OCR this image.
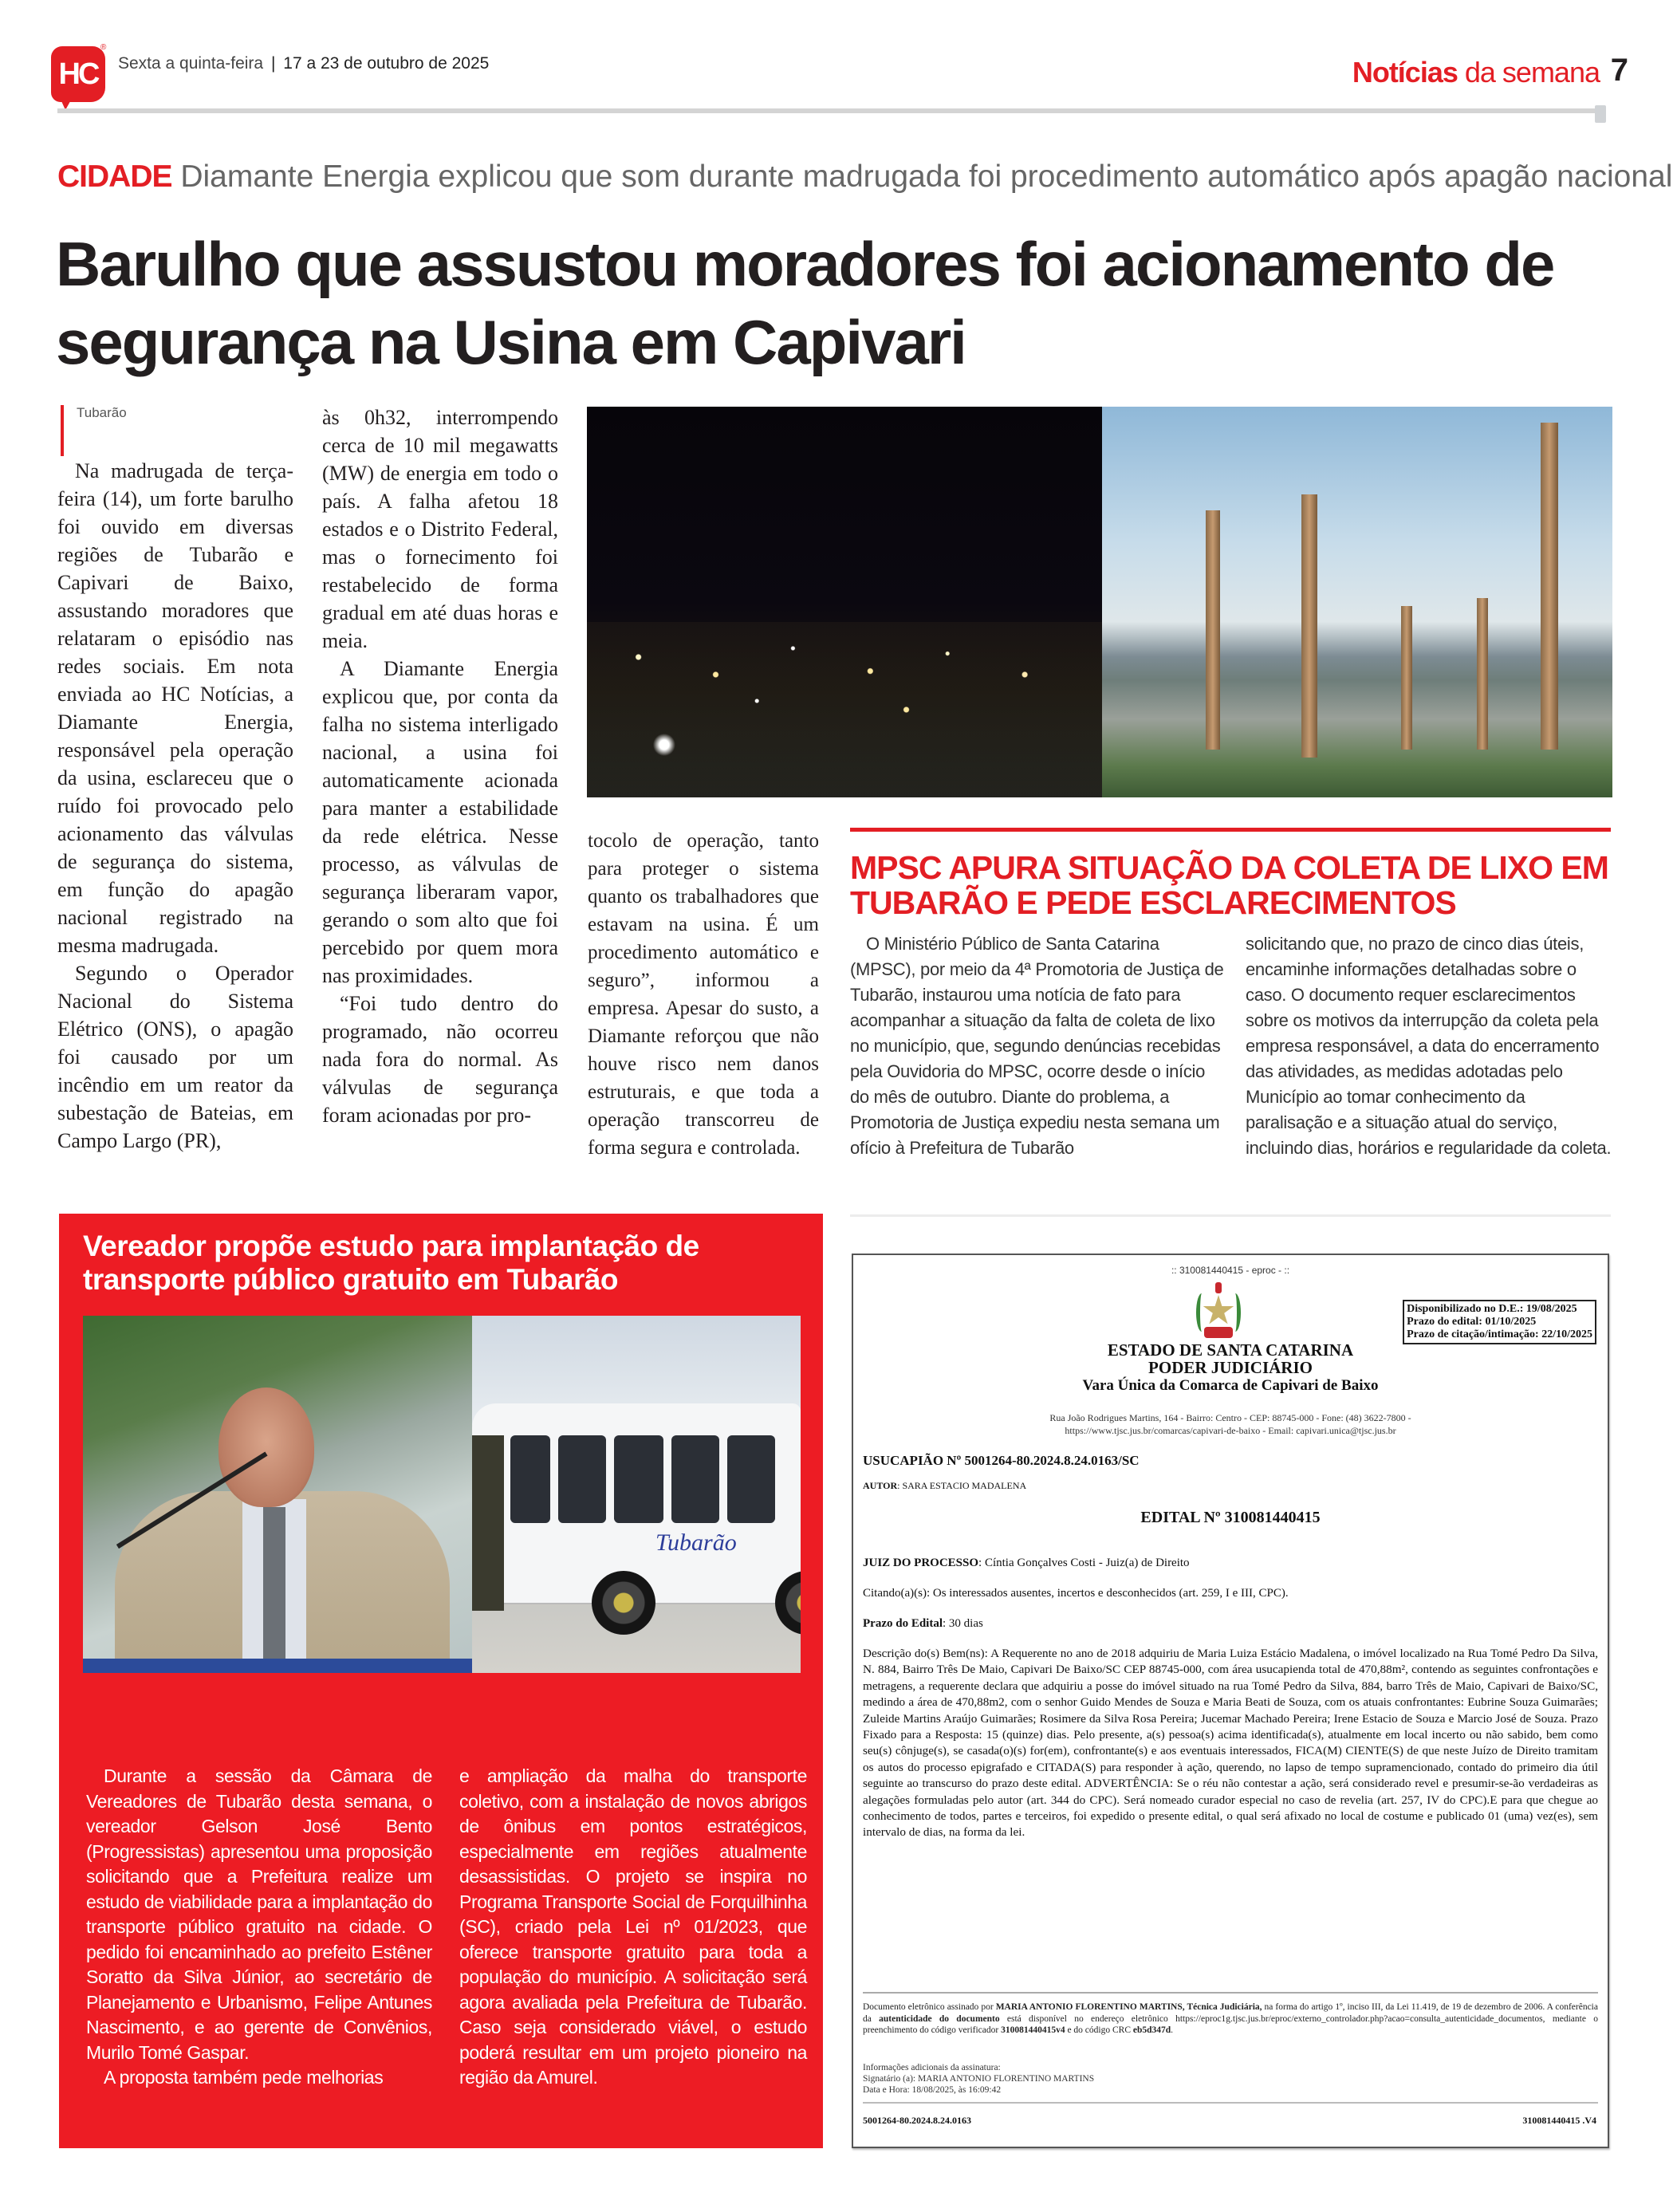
HC
®
Sexta a quinta-feira | 17 a 23 de outubro de 2025	Notícias da semana 7
CIDADE Diamante Energia explicou que som durante madrugada foi procedimento automático após apagão nacional
Barulho que assustou moradores foi acionamento de segurança na Usina em Capivari
Tubarão

Na madrugada de terça-feira (14), um forte barulho foi ouvido em diversas regiões de Tubarão e Capivari de Baixo, assustando moradores que relataram o episódio nas redes sociais. Em nota enviada ao HC Notícias, a Diamante Energia, responsável pela operação da usina, esclareceu que o ruído foi provocado pelo acionamento das válvulas de segurança do sistema, em função do apagão nacional registrado na mesma madrugada.

Segundo o Operador Nacional do Sistema Elétrico (ONS), o apagão foi causado por um incêndio em um reator da subestação de Bateias, em Campo Largo (PR),

às 0h32, interrompendo cerca de 10 mil megawatts (MW) de energia em todo o país. A falha afetou 18 estados e o Distrito Federal, mas o fornecimento foi restabelecido de forma gradual em até duas horas e meia.

A Diamante Energia explicou que, por conta da falha no sistema interligado nacional, a usina foi automaticamente acionada para manter a estabilidade da rede elétrica. Nesse processo, as válvulas de segurança liberaram vapor, gerando o som alto que foi percebido por quem mora nas proximidades.

“Foi tudo dentro do programado, não ocorreu nada fora do normal. As válvulas de segurança foram acionadas por pro-

tocolo de operação, tanto para proteger o sistema quanto os trabalhadores que estavam na usina. É um procedimento automático e seguro”, informou a empresa. Apesar do susto, a Diamante reforçou que não houve risco nem danos estruturais, e que toda a operação transcorreu de forma segura e controlada.

MPSC APURA SITUAÇÃO DA COLETA DE LIXO EM TUBARÃO E PEDE ESCLARECIMENTOS

O Ministério Público de Santa Catarina (MPSC), por meio da 4ª Promotoria de Justiça de Tubarão, instaurou uma notícia de fato para acompanhar a situação da falta de coleta de lixo no município, que, segundo denúncias recebidas pela Ouvidoria do MPSC, ocorre desde o início do mês de outubro. Diante do problema, a Promotoria de Justiça expediu nesta semana um ofício à Prefeitura de Tubarão

solicitando que, no prazo de cinco dias úteis, encaminhe informações detalhadas sobre o caso. O documento requer esclarecimentos sobre os motivos da interrupção da coleta pela empresa responsável, a data do encerramento das atividades, as medidas adotadas pelo Município ao tomar conhecimento da paralisação e a situação atual do serviço, incluindo dias, horários e regularidade da coleta.

Vereador propõe estudo para implantação de transporte público gratuito em Tubarão
Tubarão

Durante a sessão da Câmara de Vereadores de Tubarão desta semana, o vereador Gelson José Bento (Progressistas) apresentou uma proposição solicitando que a Prefeitura realize um estudo de viabilidade para a implantação do transporte público gratuito na cidade. O pedido foi encaminhado ao prefeito Estêner Soratto da Silva Júnior, ao secretário de Planejamento e Urbanismo, Felipe Antunes Nascimento, e ao gerente de Convênios, Murilo Tomé Gaspar.

A proposta também pede melhorias

e ampliação da malha do transporte coletivo, com a instalação de novos abrigos de ônibus em pontos estratégicos, especialmente em regiões atualmente desassistidas. O projeto se inspira no Programa Transporte Social de Forquilhinha (SC), criado pela Lei nº 01/2023, que oferece transporte gratuito para toda a população do município. A solicitação será agora avaliada pela Prefeitura de Tubarão. Caso seja considerado viável, o estudo poderá resultar em um projeto pioneiro na região da Amurel.

:: 310081440415 - eproc - ::
Disponibilizado no D.E.: 19/08/2025
Prazo do edital: 01/10/2025
Prazo de citação/intimação: 22/10/2025
ESTADO DE SANTA CATARINA
PODER JUDICIÁRIO
Vara Única da Comarca de Capivari de Baixo
Rua João Rodrigues Martins, 164 - Bairro: Centro - CEP: 88745-000 - Fone: (48) 3622-7800 -
https://www.tjsc.jus.br/comarcas/capivari-de-baixo - Email: capivari.unica@tjsc.jus.br
USUCAPIÃO Nº 5001264-80.2024.8.24.0163/SC
AUTOR: SARA ESTACIO MADALENA
EDITAL Nº 310081440415
JUIZ DO PROCESSO: Cíntia Gonçalves Costi - Juiz(a) de Direito
Citando(a)(s): Os interessados ausentes, incertos e desconhecidos (art. 259, I e III, CPC).
Prazo do Edital: 30 dias
Descrição do(s) Bem(ns): A Requerente no ano de 2018 adquiriu de Maria Luiza Estácio Madalena, o imóvel localizado na Rua Tomé Pedro Da Silva, N. 884, Bairro Três De Maio, Capivari De Baixo/SC CEP 88745-000, com área usucapienda total de 470,88m², contendo as seguintes confrontações e metragens, a requerente declara que adquiriu a posse do imóvel situado na rua Tomé Pedro da Silva, 884, barro Três de Maio, Capivari de Baixo/SC, medindo a área de 470,88m2, com o senhor Guido Mendes de Souza e Maria Beati de Souza, com os atuais confrontantes: Eubrine Souza Guimarães; Zuleide Martins Araújo Guimarães; Rosimere da Silva Rosa Pereira; Jucemar Machado Pereira; Irene Estacio de Souza e Marcio José de Souza. Prazo Fixado para a Resposta: 15 (quinze) dias. Pelo presente, a(s) pessoa(s) acima identificada(s), atualmente em local incerto ou não sabido, bem como seu(s) cônjuge(s), se casada(o)(s) for(em), confrontante(s) e aos eventuais interessados, FICA(M) CIENTE(S) de que neste Juízo de Direito tramitam os autos do processo epigrafado e CITADA(S) para responder à ação, querendo, no lapso de tempo supramencionado, contado do primeiro dia útil seguinte ao transcurso do prazo deste edital. ADVERTÊNCIA: Se o réu não contestar a ação, será considerado revel e presumir-se-ão verdadeiras as alegações formuladas pelo autor (art. 344 do CPC). Será nomeado curador especial no caso de revelia (art. 257, IV do CPC).E para que chegue ao conhecimento de todos, partes e terceiros, foi expedido o presente edital, o qual será afixado no local de costume e publicado 01 (uma) vez(es), sem intervalo de dias, na forma da lei.
Documento eletrônico assinado por MARIA ANTONIO FLORENTINO MARTINS, Técnica Judiciária, na forma do artigo 1º, inciso III, da Lei 11.419, de 19 de dezembro de 2006. A conferência da autenticidade do documento está disponível no endereço eletrônico https://eproc1g.tjsc.jus.br/eproc/externo_controlador.php?acao=consulta_autenticidade_documentos, mediante o preenchimento do código verificador 310081440415v4 e do código CRC eb5d347d.
Informações adicionais da assinatura:
Signatário (a): MARIA ANTONIO FLORENTINO MARTINS
Data e Hora: 18/08/2025, às 16:09:42
5001264-80.2024.8.24.0163	310081440415 .V4
